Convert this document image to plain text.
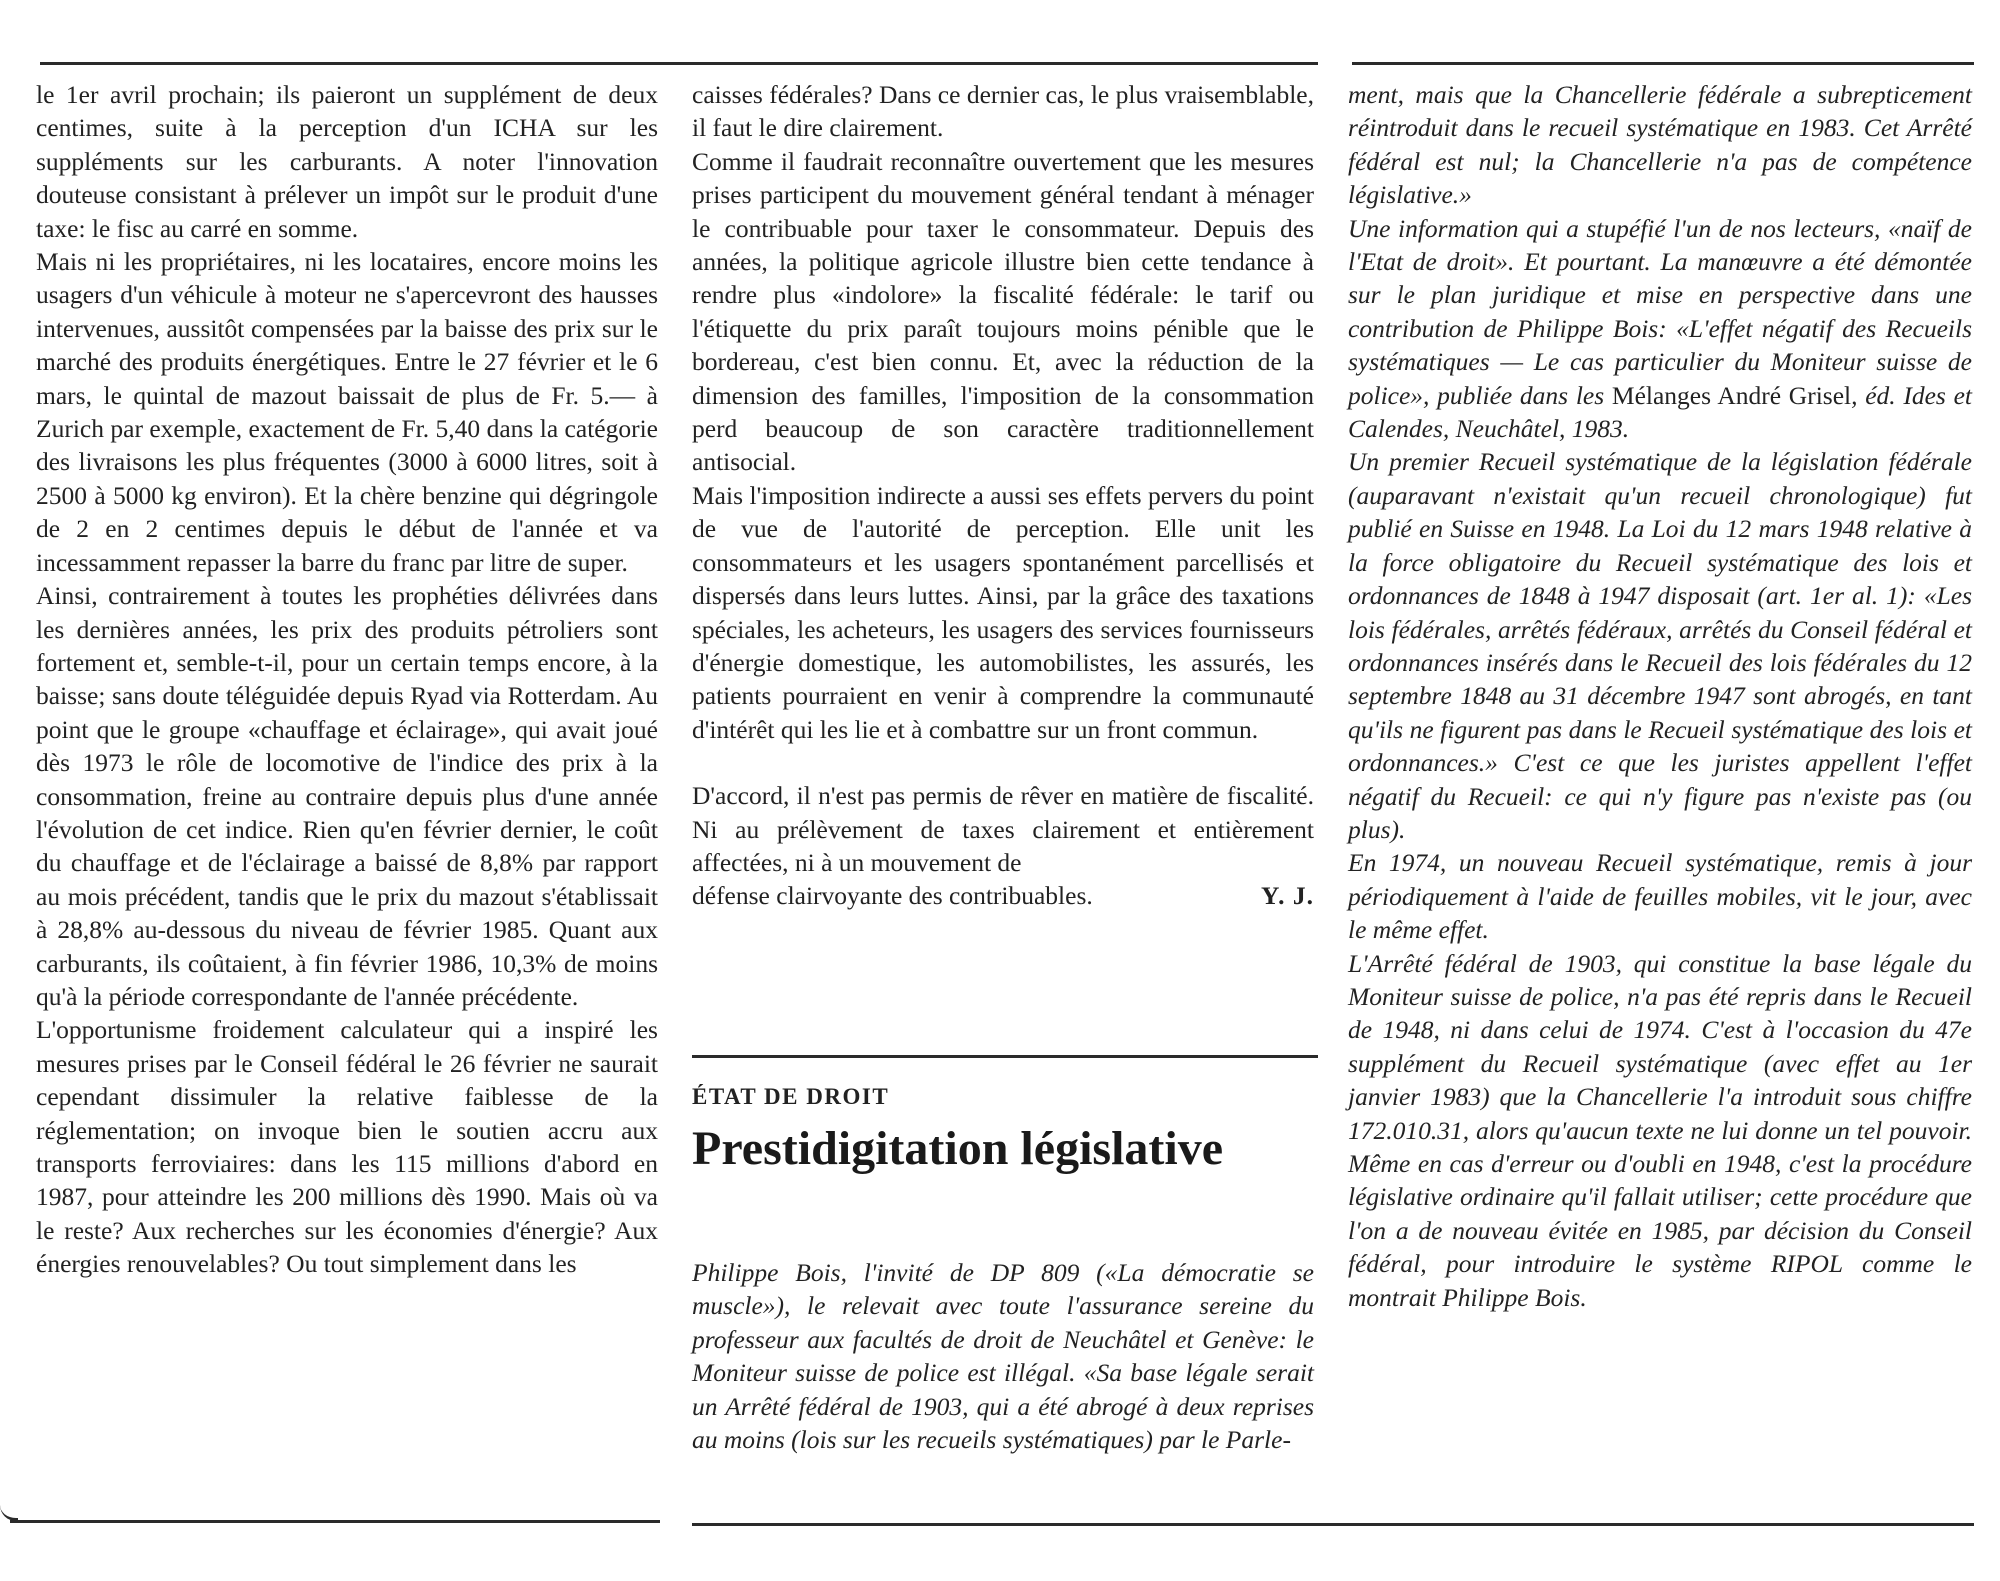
le 1er avril prochain; ils paieront un supplément de deux centimes, suite à la perception d'un ICHA sur les suppléments sur les carburants. A noter l'innovation douteuse consistant à prélever un impôt sur le produit d'une taxe: le fisc au carré en somme.

Mais ni les propriétaires, ni les locataires, encore moins les usagers d'un véhicule à moteur ne s'apercevront des hausses intervenues, aussitôt compensées par la baisse des prix sur le marché des produits énergétiques. Entre le 27 février et le 6 mars, le quintal de mazout baissait de plus de Fr. 5.— à Zurich par exemple, exactement de Fr. 5,40 dans la catégorie des livraisons les plus fréquentes (3000 à 6000 litres, soit à 2500 à 5000 kg environ). Et la chère benzine qui dégringole de 2 en 2 centimes depuis le début de l'année et va incessamment repasser la barre du franc par litre de super.

Ainsi, contrairement à toutes les prophéties délivrées dans les dernières années, les prix des produits pétroliers sont fortement et, semble-t-il, pour un certain temps encore, à la baisse; sans doute téléguidée depuis Ryad via Rotterdam. Au point que le groupe «chauffage et éclairage», qui avait joué dès 1973 le rôle de locomotive de l'indice des prix à la consommation, freine au contraire depuis plus d'une année l'évolution de cet indice. Rien qu'en février dernier, le coût du chauffage et de l'éclairage a baissé de 8,8% par rapport au mois précédent, tandis que le prix du mazout s'établissait à 28,8% au-dessous du niveau de février 1985. Quant aux carburants, ils coûtaient, à fin février 1986, 10,3% de moins qu'à la période correspondante de l'année précédente.

L'opportunisme froidement calculateur qui a inspiré les mesures prises par le Conseil fédéral le 26 février ne saurait cependant dissimuler la relative faiblesse de la réglementation; on invoque bien le soutien accru aux transports ferroviaires: dans les 115 millions d'abord en 1987, pour atteindre les 200 millions dès 1990. Mais où va le reste? Aux recherches sur les économies d'énergie? Aux énergies renouvelables? Ou tout simplement dans les

caisses fédérales? Dans ce dernier cas, le plus vraisemblable, il faut le dire clairement.

Comme il faudrait reconnaître ouvertement que les mesures prises participent du mouvement général tendant à ménager le contribuable pour taxer le consommateur. Depuis des années, la politique agricole illustre bien cette tendance à rendre plus «indolore» la fiscalité fédérale: le tarif ou l'étiquette du prix paraît toujours moins pénible que le bordereau, c'est bien connu. Et, avec la réduction de la dimension des familles, l'imposition de la consommation perd beaucoup de son caractère traditionnellement antisocial.

Mais l'imposition indirecte a aussi ses effets pervers du point de vue de l'autorité de perception. Elle unit les consommateurs et les usagers spontanément parcellisés et dispersés dans leurs luttes. Ainsi, par la grâce des taxations spéciales, les acheteurs, les usagers des services fournisseurs d'énergie domestique, les automobilistes, les assurés, les patients pourraient en venir à comprendre la communauté d'intérêt qui les lie et à combattre sur un front commun.

D'accord, il n'est pas permis de rêver en matière de fiscalité. Ni au prélèvement de taxes clairement et entièrement affectées, ni à un mouvement de
défense clairvoyante des contribuables.	Y. J.

ÉTAT DE DROIT

Prestidigitation législative

Philippe Bois, l'invité de DP 809 («La démocratie se muscle»), le relevait avec toute l'assurance sereine du professeur aux facultés de droit de Neuchâtel et Genève: le Moniteur suisse de police est illégal. «Sa base légale serait un Arrêté fédéral de 1903, qui a été abrogé à deux reprises au moins (lois sur les recueils systématiques) par le Parle-

ment, mais que la Chancellerie fédérale a subrepticement réintroduit dans le recueil systématique en 1983. Cet Arrêté fédéral est nul; la Chancellerie n'a pas de compétence législative.»

Une information qui a stupéfié l'un de nos lecteurs, «naïf de l'Etat de droit». Et pourtant. La manœuvre a été démontée sur le plan juridique et mise en perspective dans une contribution de Philippe Bois: «L'effet négatif des Recueils systématiques — Le cas particulier du Moniteur suisse de police», publiée dans les Mélanges André Grisel, éd. Ides et Calendes, Neuchâtel, 1983.

Un premier Recueil systématique de la législation fédérale (auparavant n'existait qu'un recueil chronologique) fut publié en Suisse en 1948. La Loi du 12 mars 1948 relative à la force obligatoire du Recueil systématique des lois et ordonnances de 1848 à 1947 disposait (art. 1er al. 1): «Les lois fédérales, arrêtés fédéraux, arrêtés du Conseil fédéral et ordonnances insérés dans le Recueil des lois fédérales du 12 septembre 1848 au 31 décembre 1947 sont abrogés, en tant qu'ils ne figurent pas dans le Recueil systématique des lois et ordonnances.» C'est ce que les juristes appellent l'effet négatif du Recueil: ce qui n'y figure pas n'existe pas (ou plus).

En 1974, un nouveau Recueil systématique, remis à jour périodiquement à l'aide de feuilles mobiles, vit le jour, avec le même effet.

L'Arrêté fédéral de 1903, qui constitue la base légale du Moniteur suisse de police, n'a pas été repris dans le Recueil de 1948, ni dans celui de 1974. C'est à l'occasion du 47e supplément du Recueil systématique (avec effet au 1er janvier 1983) que la Chancellerie l'a introduit sous chiffre 172.010.31, alors qu'aucun texte ne lui donne un tel pouvoir. Même en cas d'erreur ou d'oubli en 1948, c'est la procédure législative ordinaire qu'il fallait utiliser; cette procédure que l'on a de nouveau évitée en 1985, par décision du Conseil fédéral, pour introduire le système RIPOL comme le montrait Philippe Bois.
